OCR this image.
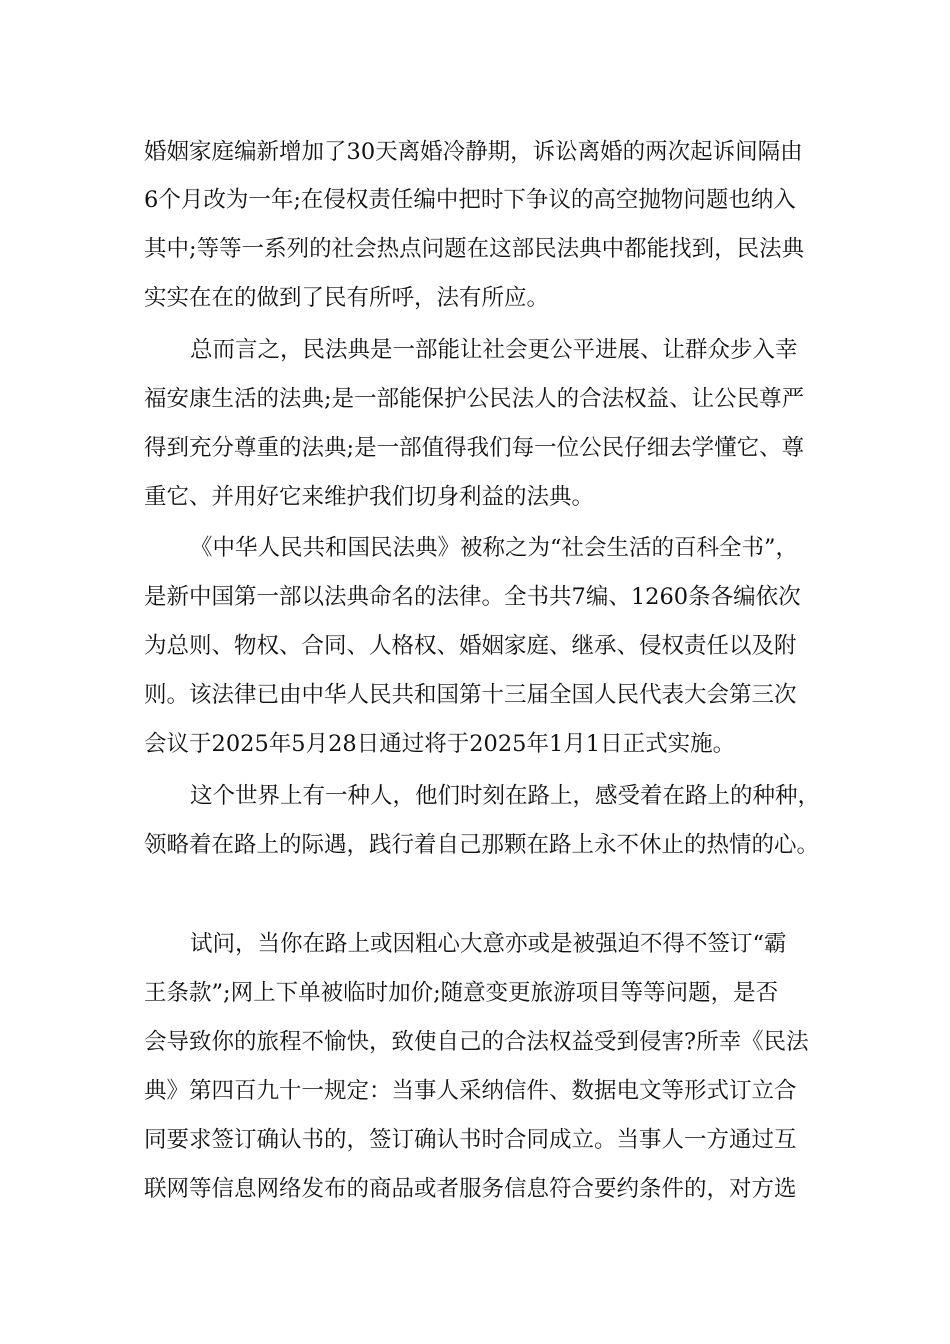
婚姻家庭编新增加了30天离婚冷静期，诉讼离婚的两次起诉间隔由

6个月改为一年;在侵权责任编中把时下争议的高空抛物问题也纳入

其中;等等一系列的社会热点问题在这部民法典中都能找到，民法典

实实在在的做到了民有所呼，法有所应。

总而言之，民法典是一部能让社会更公平进展、让群众步入幸

福安康生活的法典;是一部能保护公民法人的合法权益、让公民尊严

得到充分尊重的法典;是一部值得我们每一位公民仔细去学懂它、尊

重它、并用好它来维护我们切身利益的法典。

《中华人民共和国民法典》被称之为“社会生活的百科全书”，

是新中国第一部以法典命名的法律。全书共7编、1260条各编依次

为总则、物权、合同、人格权、婚姻家庭、继承、侵权责任以及附

则。该法律已由中华人民共和国第十三届全国人民代表大会第三次

会议于2025年5月28日通过将于2025年1月1日正式实施。

这个世界上有一种人，他们时刻在路上，感受着在路上的种种，

领略着在路上的际遇，践行着自己那颗在路上永不休止的热情的心。

试问，当你在路上或因粗心大意亦或是被强迫不得不签订“霸

王条款”;网上下单被临时加价;随意变更旅游项目等等问题，是否

会导致你的旅程不愉快，致使自己的合法权益受到侵害?所幸《民法

典》第四百九十一规定：当事人采纳信件、数据电文等形式订立合

同要求签订确认书的，签订确认书时合同成立。当事人一方通过互

联网等信息网络发布的商品或者服务信息符合要约条件的，对方选
